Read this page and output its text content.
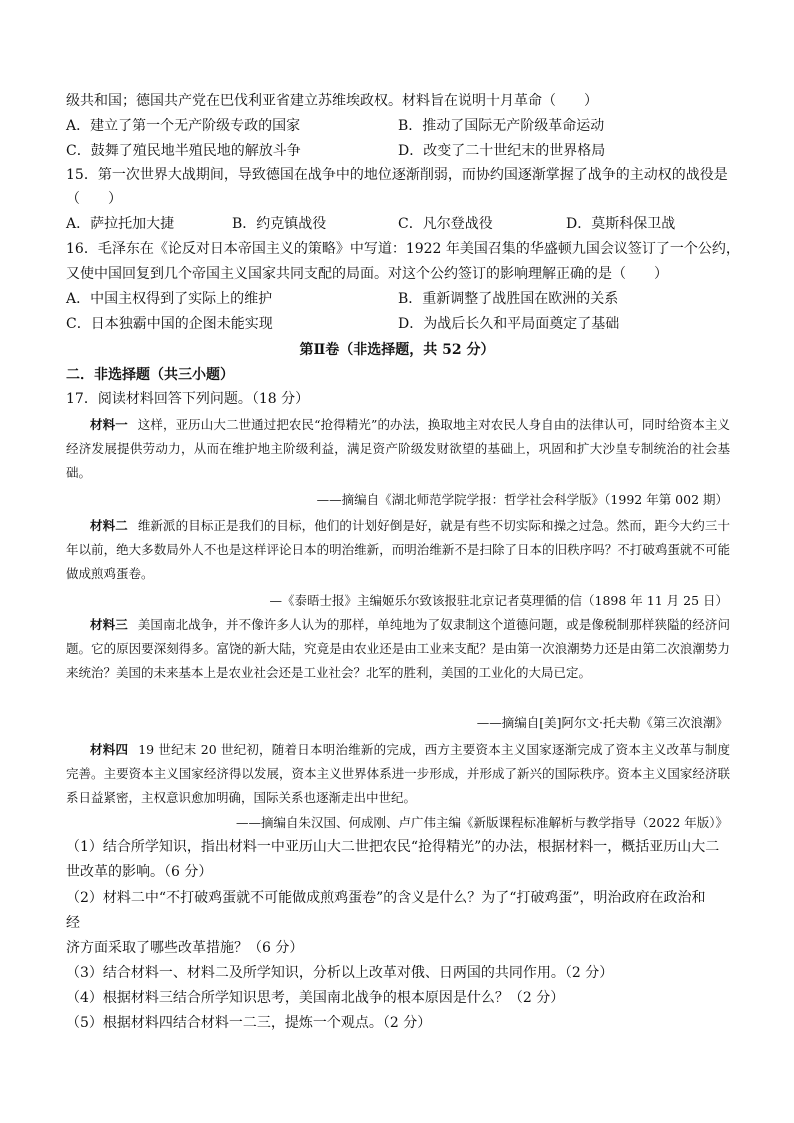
级共和国；德国共产党在巴伐利亚省建立苏维埃政权。材料旨在说明十月革命（　　）
A．建立了第一个无产阶级专政的国家	B．推动了国际无产阶级革命运动
C．鼓舞了殖民地半殖民地的解放斗争	D．改变了二十世纪末的世界格局
15．第一次世界大战期间，导致德国在战争中的地位逐渐削弱，而协约国逐渐掌握了战争的主动权的战役是
（　　）
A．萨拉托加大捷	B．约克镇战役	C．凡尔登战役	D．莫斯科保卫战
16．毛泽东在《论反对日本帝国主义的策略》中写道：1922 年美国召集的华盛顿九国会议签订了一个公约，
又使中国回复到几个帝国主义国家共同支配的局面。对这个公约签订的影响理解正确的是（　　）
A．中国主权得到了实际上的维护	B．重新调整了战胜国在欧洲的关系
C．日本独霸中国的企图未能实现	D．为战后长久和平局面奠定了基础
第Ⅱ卷（非选择题，共 52 分）
二．非选择题（共三小题）
17．阅读材料回答下列问题。（18 分）
材料一 这样，亚历山大二世通过把农民“抢得精光”的办法，换取地主对农民人身自由的法律认可，同时给资本主义经济发展提供劳动力，从而在维护地主阶级利益，满足资产阶级发财欲望的基础上，巩固和扩大沙皇专制统治的社会基础。
——摘编自《湖北师范学院学报：哲学社会科学版》（1992 年第 002 期）
材料二 维新派的目标正是我们的目标，他们的计划好倒是好，就是有些不切实际和操之过急。然而，距今大约三十年以前，绝大多数局外人不也是这样评论日本的明治维新，而明治维新不是扫除了日本的旧秩序吗？不打破鸡蛋就不可能做成煎鸡蛋卷。
—《泰晤士报》主编姬乐尔致该报驻北京记者莫理循的信（1898 年 11 月 25 日）
材料三 美国南北战争，并不像许多人认为的那样，单纯地为了奴隶制这个道德问题，或是像税制那样狭隘的经济问题。它的原因要深刻得多。富饶的新大陆，究竟是由农业还是由工业来支配？是由第一次浪潮势力还是由第二次浪潮势力来统治？美国的未来基本上是农业社会还是工业社会？北军的胜利，美国的工业化的大局已定。
——摘编自[美]阿尔文·托夫勒《第三次浪潮》
材料四 19 世纪末 20 世纪初，随着日本明治维新的完成，西方主要资本主义国家逐渐完成了资本主义改革与制度完善。主要资本主义国家经济得以发展，资本主义世界体系进一步形成，并形成了新兴的国际秩序。资本主义国家经济联系日益紧密，主权意识愈加明确，国际关系也逐渐走出中世纪。
——摘编自朱汉国、何成刚、卢广伟主编《新版课程标准解析与教学指导（2022 年版）》
（1）结合所学知识，指出材料一中亚历山大二世把农民“抢得精光”的办法，根据材料一，概括亚历山大二
世改革的影响。（6 分）
（2）材料二中“不打破鸡蛋就不可能做成煎鸡蛋卷”的含义是什么？为了“打破鸡蛋”，明治政府在政治和
经
济方面采取了哪些改革措施？（6 分）
（3）结合材料一、材料二及所学知识，分析以上改革对俄、日两国的共同作用。（2 分）
（4）根据材料三结合所学知识思考，美国南北战争的根本原因是什么？（2 分）
（5）根据材料四结合材料一二三，提炼一个观点。（2 分）
